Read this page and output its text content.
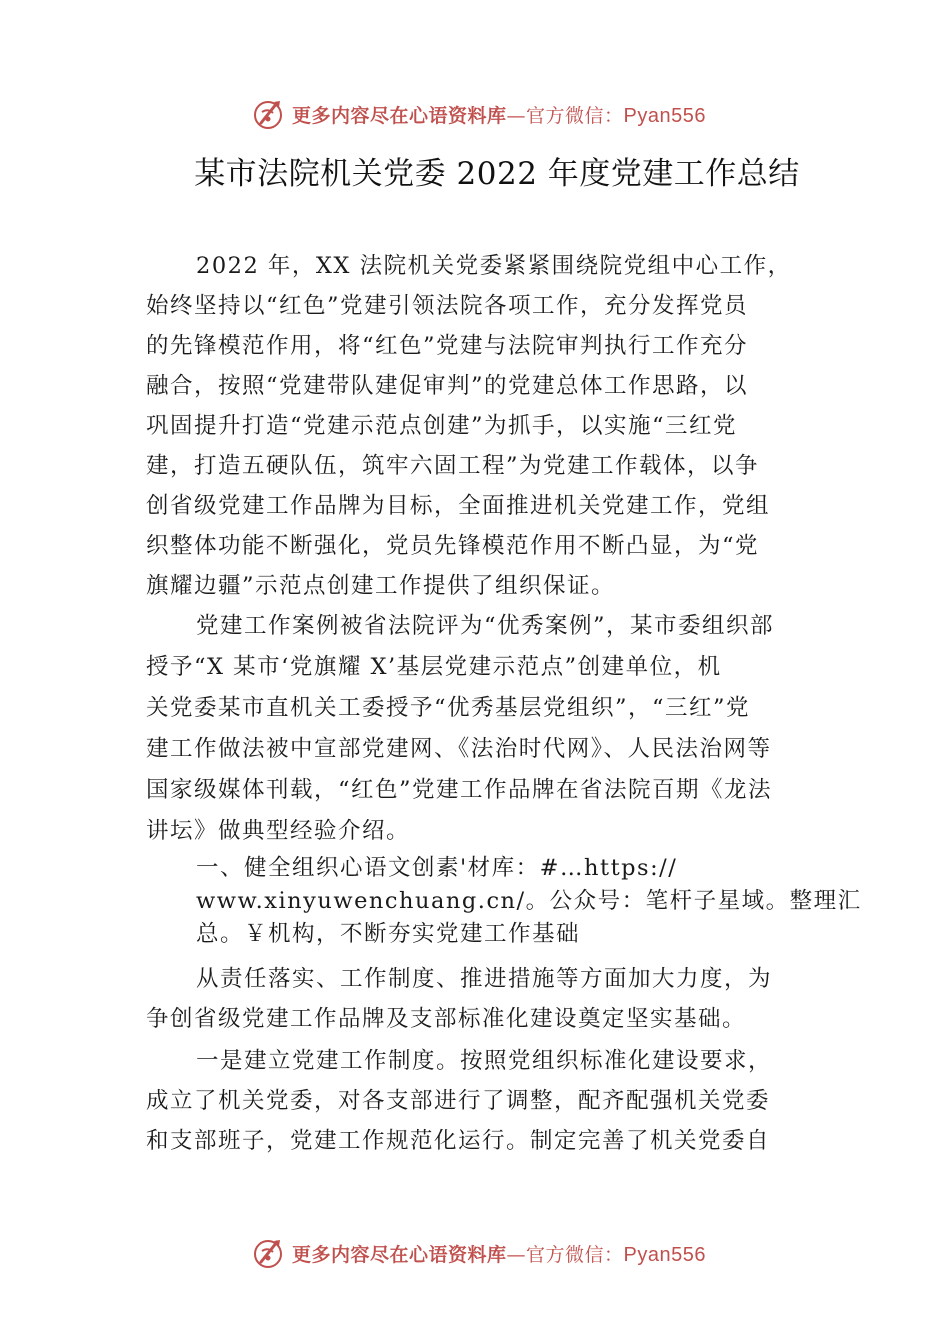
更多内容尽在心语资料库—官方微信：Pyan556
某市法院机关党委 2022 年度党建工作总结
2022 年，XX 法院机关党委紧紧围绕院党组中心工作，
始终坚持以“红色”党建引领法院各项工作，充分发挥党员
的先锋模范作用，将“红色”党建与法院审判执行工作充分
融合，按照“党建带队建促审判”的党建总体工作思路，以
巩固提升打造“党建示范点创建”为抓手，以实施“三红党
建，打造五硬队伍，筑牢六固工程”为党建工作载体，以争
创省级党建工作品牌为目标，全面推进机关党建工作，党组
织整体功能不断强化，党员先锋模范作用不断凸显，为“党
旗耀边疆”示范点创建工作提供了组织保证。
党建工作案例被省法院评为“优秀案例”，某市委组织部
授予“X 某市‘党旗耀 X’基层党建示范点”创建单位，机
关党委某市直机关工委授予“优秀基层党组织”，“三红”党
建工作做法被中宣部党建网、《法治时代网》、人民法治网等
国家级媒体刊载，“红色”党建工作品牌在省法院百期《龙法
讲坛》做典型经验介绍。
一、健全组织心语文创素'材库：#…https://
www.xinyuwenchuang.cn/。公众号：笔杆子星域。整理汇
总。￥机构，不断夯实党建工作基础
从责任落实、工作制度、推进措施等方面加大力度，为
争创省级党建工作品牌及支部标准化建设奠定坚实基础。
一是建立党建工作制度。按照党组织标准化建设要求，
成立了机关党委，对各支部进行了调整，配齐配强机关党委
和支部班子，党建工作规范化运行。制定完善了机关党委自
更多内容尽在心语资料库—官方微信：Pyan556
